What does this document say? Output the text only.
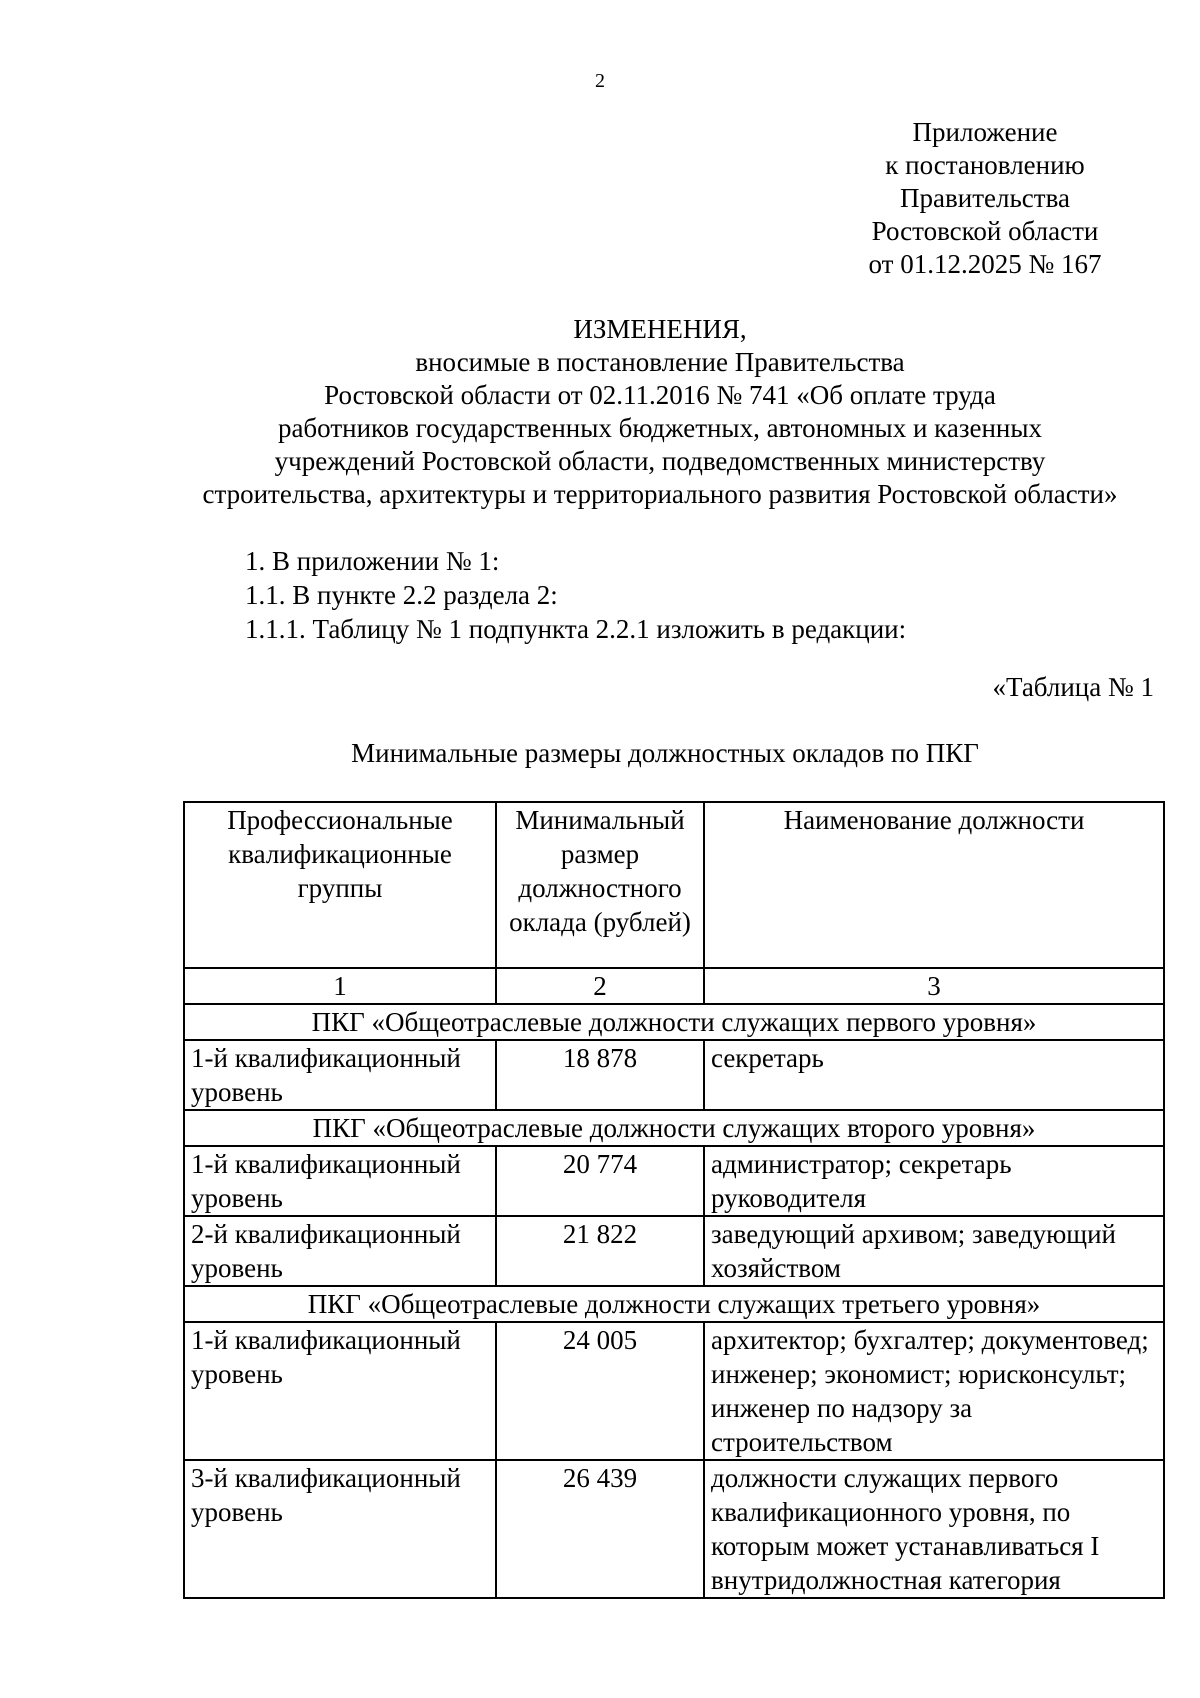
2
Приложение
к постановлению
Правительства
Ростовской области
от 01.12.2025 № 167
ИЗМЕНЕНИЯ,
вносимые в постановление Правительства
Ростовской области от 02.11.2016 № 741 «Об оплате труда
работников государственных бюджетных, автономных и казенных
учреждений Ростовской области, подведомственных министерству
строительства, архитектуры и территориального развития Ростовской области»
1. В приложении № 1:
1.1. В пункте 2.2 раздела 2:
1.1.1. Таблицу № 1 подпункта 2.2.1 изложить в редакции:
«Таблица № 1
Минимальные размеры должностных окладов по ПКГ
Профессиональные квалификационные группы	Минимальный размер должностного оклада (рублей)	Наименование должности
1	2	3
ПКГ «Общеотраслевые должности служащих первого уровня»		
1-й квалификационный уровень	18 878	секретарь
ПКГ «Общеотраслевые должности служащих второго уровня»		
1-й квалификационный уровень	20 774	администратор; секретарь руководителя
2-й квалификационный уровень	21 822	заведующий архивом; заведующий хозяйством
ПКГ «Общеотраслевые должности служащих третьего уровня»		
1-й квалификационный уровень	24 005	архитектор; бухгалтер; документовед; инженер; экономист; юрисконсульт; инженер по надзору за строительством
3-й квалификационный уровень	26 439	должности служащих первого квалификационного уровня, по которым может устанавливаться I внутридолжностная категория
